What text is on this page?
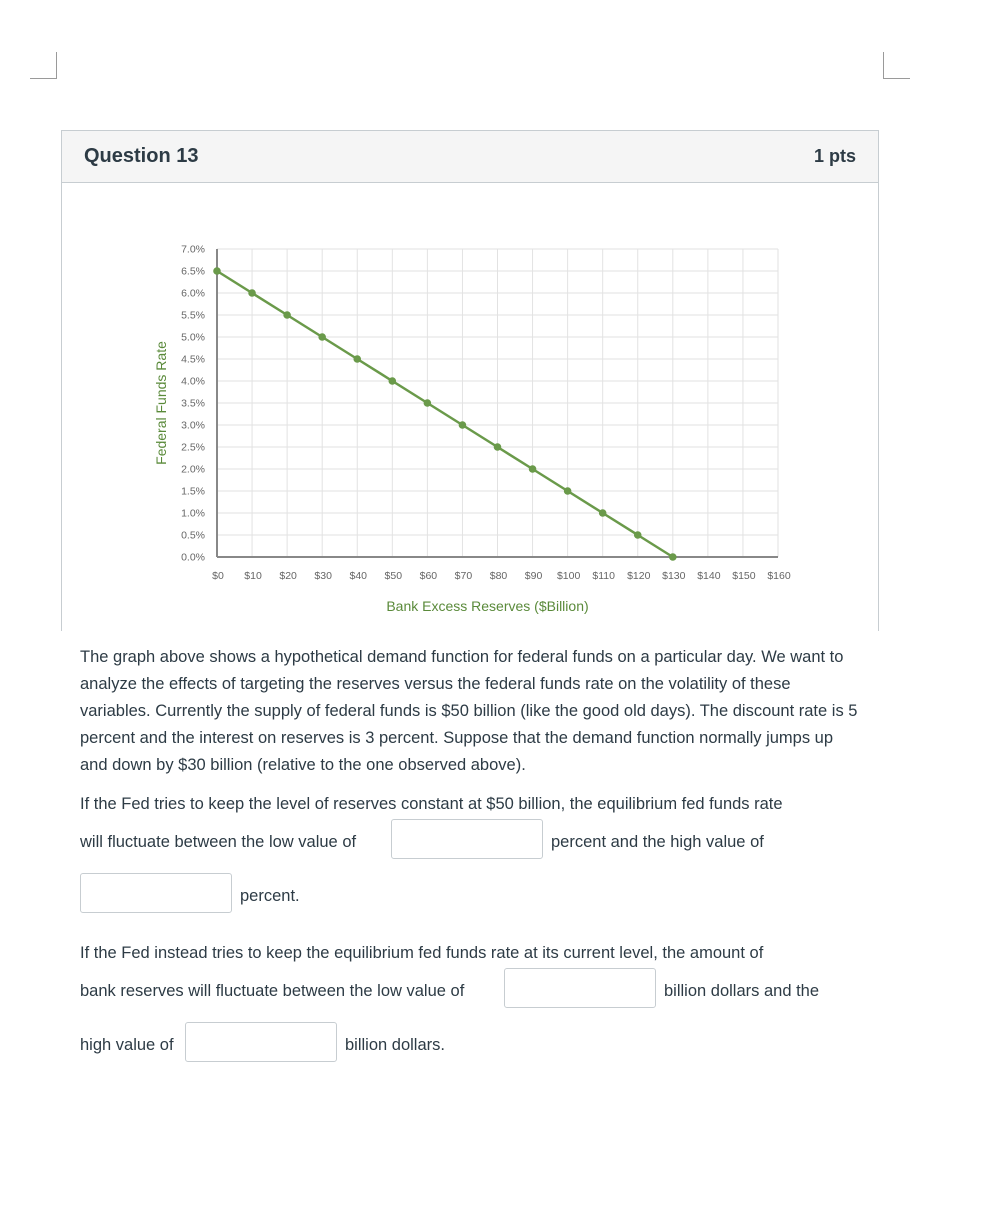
Question 13	1 pts
0.0%
0.5%
1.0%
1.5%
2.0%
2.5%
3.0%
3.5%
4.0%
4.5%
5.0%
5.5%
6.0%
6.5%
7.0%
$0 $10 $20 $30 $40 $50 $60 $70 $80 $90 $100 $110 $120 $130 $140 $150 $160
Bank Excess Reserves ($Billion)
Federal Funds Rate
The graph above shows a hypothetical demand function for federal funds on a particular day. We want to analyze the effects of targeting the reserves versus the federal funds rate on the volatility of these variables. Currently the supply of federal funds is $50 billion (like the good old days). The discount rate is 5 percent and the interest on reserves is 3 percent. Suppose that the demand function normally jumps up and down by $30 billion (relative to the one observed above).
If the Fed tries to keep the level of reserves constant at $50 billion, the equilibrium fed funds rate
will fluctuate between the low value of	percent and the high value of
percent.
If the Fed instead tries to keep the equilibrium fed funds rate at its current level, the amount of
bank reserves will fluctuate between the low value of	billion dollars and the
high value of	billion dollars.
